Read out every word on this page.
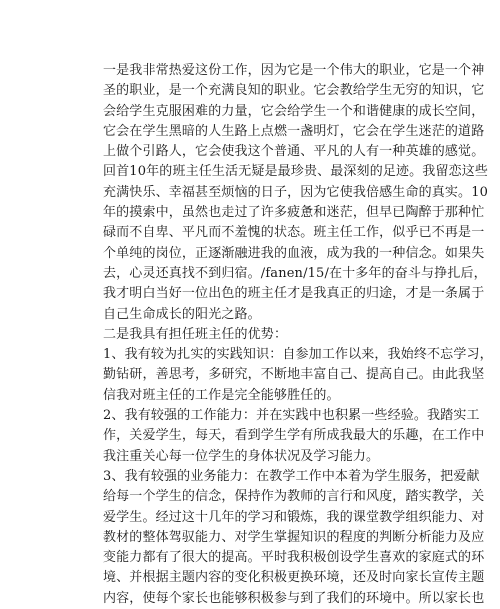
一是我非常热爱这份工作，因为它是一个伟大的职业，它是一个神
圣的职业，是一个充满良知的职业。它会教给学生无穷的知识，它
会给学生克服困难的力量，它会给学生一个和谐健康的成长空间，
它会在学生黑暗的人生路上点燃一盏明灯，它会在学生迷茫的道路
上做个引路人，它会使我这个普通、平凡的人有一种英雄的感觉。
回首10年的班主任生活无疑是最珍贵、最深刻的足迹。我留恋这些
充满快乐、幸福甚至烦恼的日子，因为它使我倍感生命的真实。10
年的摸索中，虽然也走过了许多疲惫和迷茫，但早已陶醉于那种忙
碌而不自卑、平凡而不羞愧的状态。班主任工作，似乎已不再是一
个单纯的岗位，正逐渐融进我的血液，成为我的一种信念。如果失
去，心灵还真找不到归宿。/fanen/15/在十多年的奋斗与挣扎后，
我才明白当好一位出色的班主任才是我真正的归途，才是一条属于
自己生命成长的阳光之路。
二是我具有担任班主任的优势：
1、我有较为扎实的实践知识：自参加工作以来，我始终不忘学习，
勤钻研，善思考，多研究，不断地丰富自己、提高自己。由此我坚
信我对班主任的工作是完全能够胜任的。
2、我有较强的工作能力：并在实践中也积累一些经验。我踏实工
作，关爱学生，每天，看到学生学有所成我最大的乐趣，在工作中
我注重关心每一位学生的身体状况及学习能力。
3、我有较强的业务能力：在教学工作中本着为学生服务，把爱献
给每一个学生的信念，保持作为教师的言行和风度，踏实教学，关
爱学生。经过这十几年的学习和锻炼，我的课堂教学组织能力、对
教材的整体驾驭能力、对学生掌握知识的程度的判断分析能力及应
变能力都有了很大的提高。平时我积极创设学生喜欢的家庭式的环
境、并根据主题内容的变化积极更换环境，还及时向家长宣传主题
内容，使每个家长也能够积极参与到了我们的环境中。所以家长也
